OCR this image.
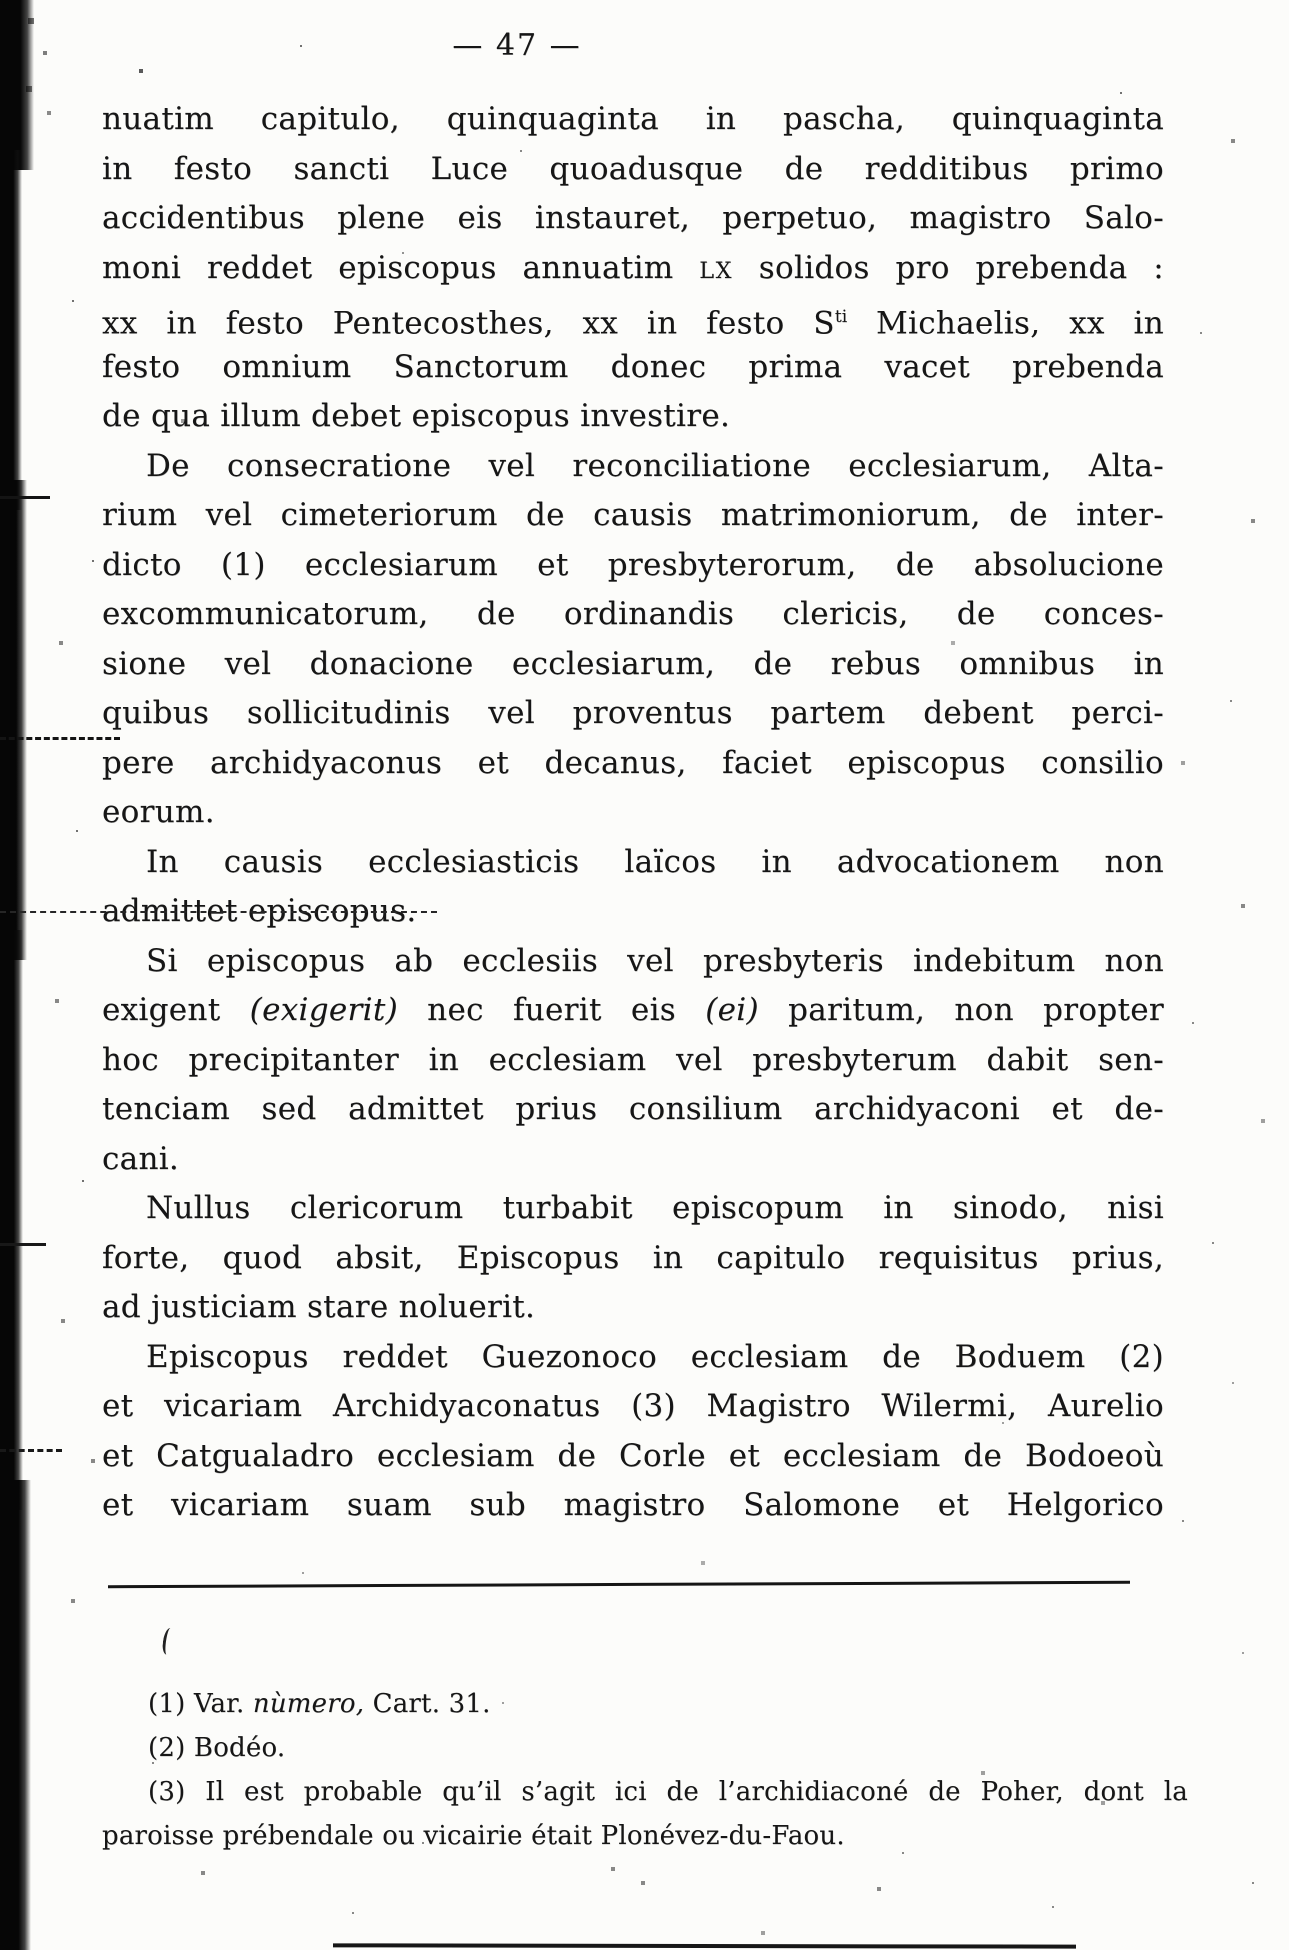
— 47 —
nuatim capitulo, quinquaginta in pascha, quinquaginta
in festo sancti Luce quoadusque de redditibus primo
accidentibus plene eis instauret, perpetuo, magistro Salo-
moni reddet episcopus annuatim LX solidos pro prebenda :
xx in festo Pentecosthes, xx in festo $S^{ti}$ Michaelis, xx in
festo omnium Sanctorum donec prima vacet prebenda
de qua illum debet episcopus investire.
De consecratione vel reconciliatione ecclesiarum, Alta-
rium vel cimeteriorum de causis matrimoniorum, de inter-
dicto (1) ecclesiarum et presbyterorum, de absolucione
excommunicatorum, de ordinandis clericis, de conces-
sione vel donacione ecclesiarum, de rebus omnibus in
quibus sollicitudinis vel proventus partem debent perci-
pere archidyaconus et decanus, faciet episcopus consilio
eorum.
In causis ecclesiasticis laïcos in advocationem non
admittet episcopus.
Si episcopus ab ecclesiis vel presbyteris indebitum non
exigent (exigerit) nec fuerit eis (ei) paritum, non propter
hoc precipitanter in ecclesiam vel presbyterum dabit sen-
tenciam sed admittet prius consilium archidyaconi et de-
cani.
Nullus clericorum turbabit episcopum in sinodo, nisi
forte, quod absit, Episcopus in capitulo requisitus prius,
ad justiciam stare noluerit.
Episcopus reddet Guezonoco ecclesiam de Boduem (2)
et vicariam Archidyaconatus (3) Magistro Wilermi, Aurelio
et Catgualadro ecclesiam de Corle et ecclesiam de Bodoeoù
et vicariam suam sub magistro Salomone et Helgorico
(1) Var. nùmero, Cart. 31.
(2) Bodéo.
(3) Il est probable qu’il s’agit ici de l’archidiaconé de Poher, dont la
paroisse prébendale ou vicairie était Plonévez-du-Faou.
